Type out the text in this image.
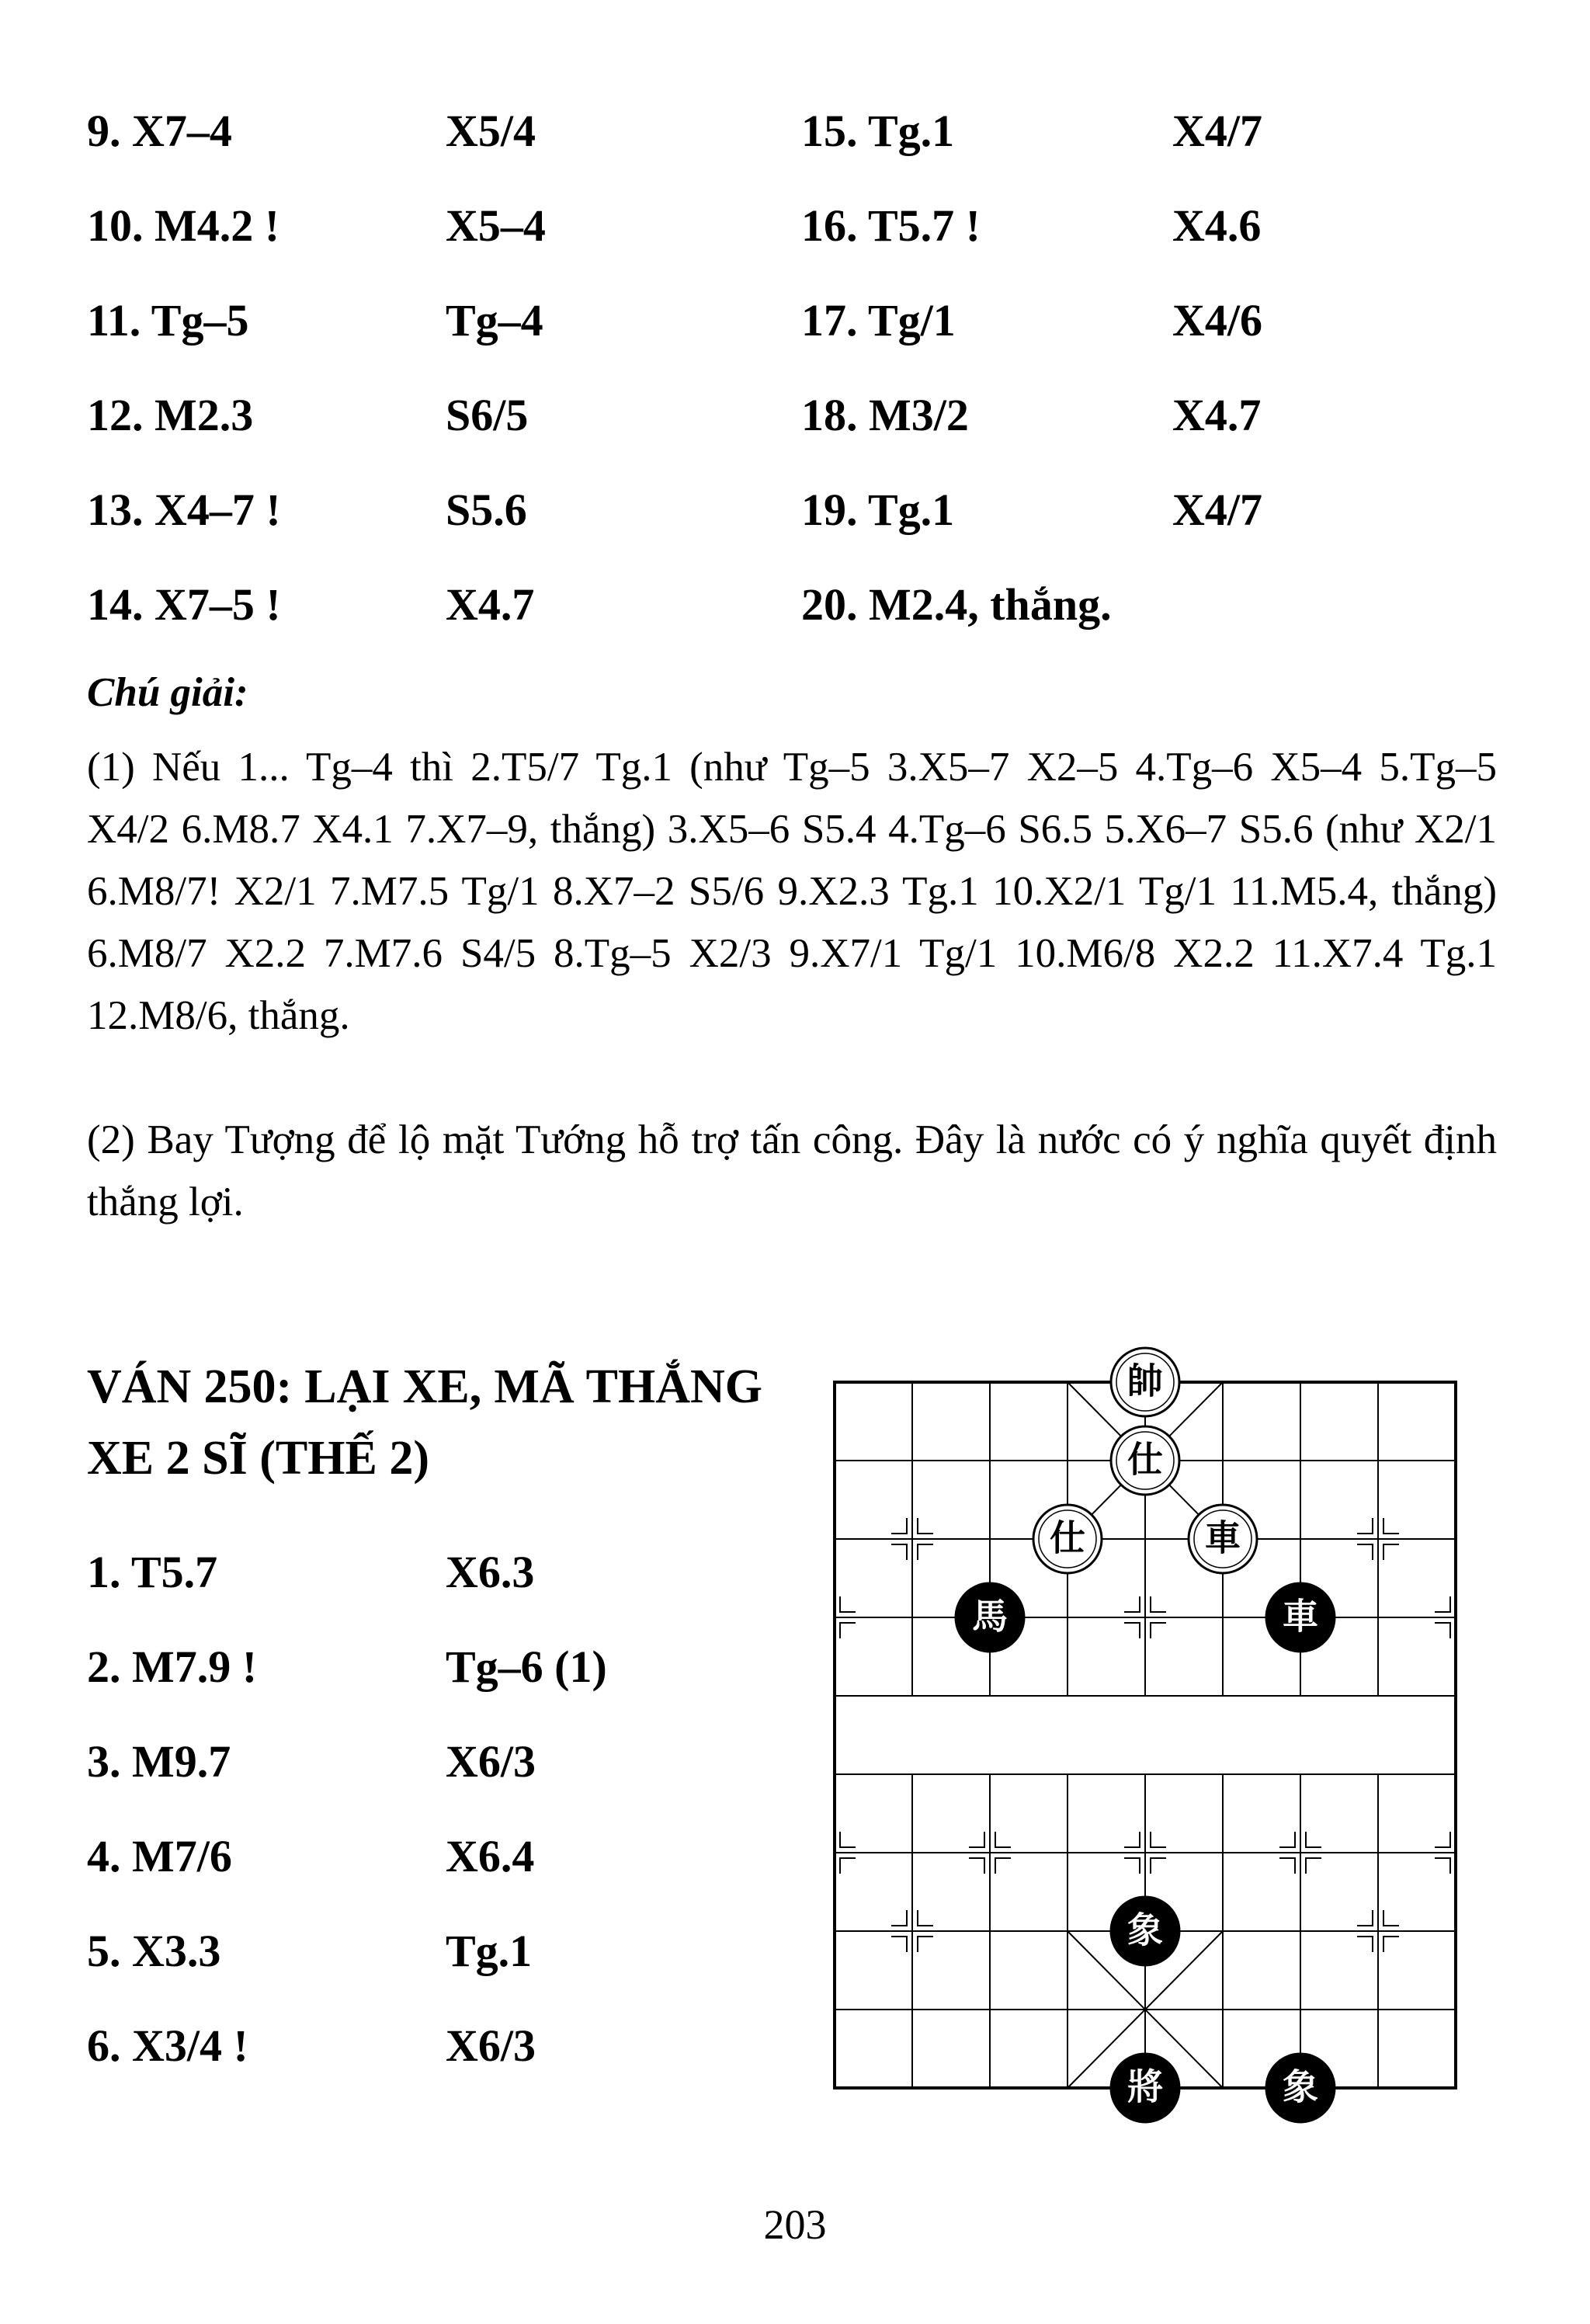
9. X7–4	X5/4	15. Tg.1	X4/7
10. M4.2 !	X5–4	16. T5.7 !	X4.6
11. Tg–5	Tg–4	17. Tg/1	X4/6
12. M2.3	S6/5	18. M3/2	X4.7
13. X4–7 !	S5.6	19. Tg.1	X4/7
14. X7–5 !	X4.7	20. M2.4, thắng.
Chú giải:
(1) Nếu 1... Tg–4 thì 2.T5/7 Tg.1 (như Tg–5 3.X5–7 X2–5 4.Tg–6 X5–4 5.Tg–5 X4/2 6.M8.7 X4.1 7.X7–9, thắng) 3.X5–6 S5.4 4.Tg–6 S6.5 5.X6–7 S5.6 (như X2/1 6.M8/7! X2/1 7.M7.5 Tg/1 8.X7–2 S5/6 9.X2.3 Tg.1 10.X2/1 Tg/1 11.M5.4, thắng) 6.M8/7 X2.2 7.M7.6 S4/5 8.Tg–5 X2/3 9.X7/1 Tg/1 10.M6/8 X2.2 11.X7.4 Tg.1 12.M8/6, thắng.
(2) Bay Tượng để lộ mặt Tướng hỗ trợ tấn công. Đây là nước có ý nghĩa quyết định thắng lợi.
VÁN 250: LẠI XE, MÃ THẮNG XE 2 SĨ (THẾ 2)
1. T5.7	X6.3
2. M7.9 !	Tg–6 (1)
3. M9.7	X6/3
4. M7/6	X6.4
5. X3.3	Tg.1
6. X3/4 !	X6/3
帥
仕
仕	車
馬	車
象
將	象
203
